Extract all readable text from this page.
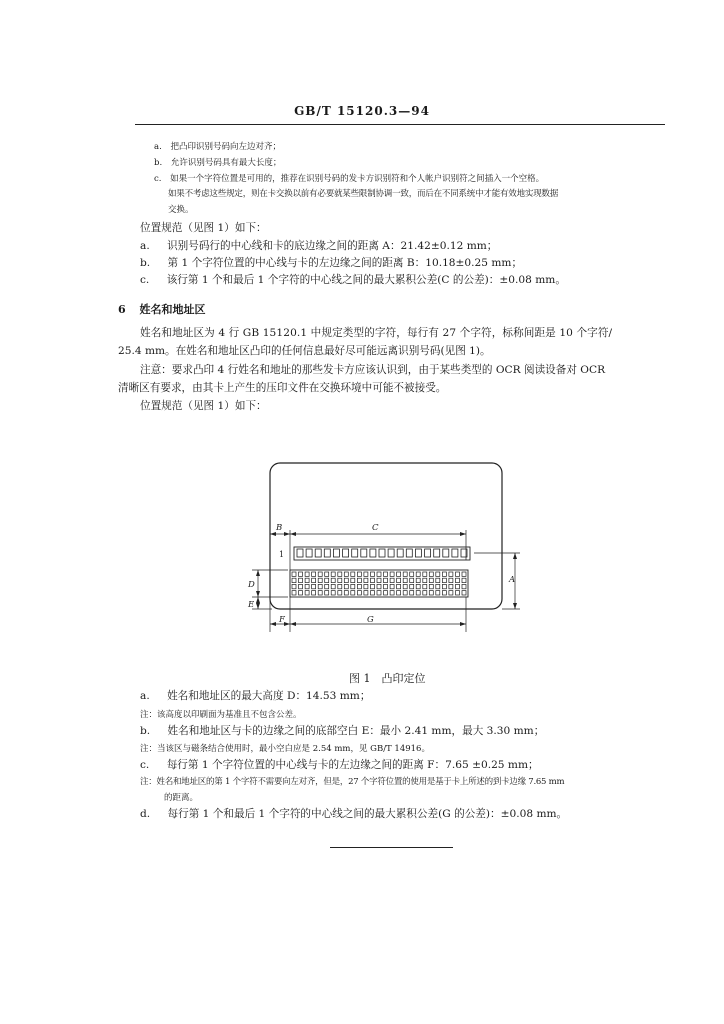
GB/T 15120.3—94
a. 把凸印识别号码向左边对齐；
b. 允许识别号码具有最大长度；
c. 如果一个字符位置是可用的，推荐在识别号码的发卡方识别符和个人帐户识别符之间插入一个空格。
如果不考虑这些规定，则在卡交换以前有必要就某些限制协调一致，而后在不同系统中才能有效地实现数据
交换。
位置规范（见图 1）如下：
a. 识别号码行的中心线和卡的底边缘之间的距离 A：21.42±0.12 mm；
b. 第 1 个字符位置的中心线与卡的左边缘之间的距离 B：10.18±0.25 mm；
c. 该行第 1 个和最后 1 个字符的中心线之间的最大累积公差(C 的公差)：±0.08 mm。
6 姓名和地址区
姓名和地址区为 4 行 GB 15120.1 中规定类型的字符，每行有 27 个字符，标称间距是 10 个字符/
25.4 mm。在姓名和地址区凸印的任何信息最好尽可能远离识别号码(见图 1)。
注意：要求凸印 4 行姓名和地址的那些发卡方应该认识到，由于某些类型的 OCR 阅读设备对 OCR
清晰区有要求，由其卡上产生的压印文件在交换环境中可能不被接受。
位置规范（见图 1）如下：
B	C
A
D
E
F	G
1
图 1　凸印定位
a. 姓名和地址区的最大高度 D：14.53 mm；
注：该高度以印刷面为基准且不包含公差。
b. 姓名和地址区与卡的边缘之间的底部空白 E：最小 2.41 mm，最大 3.30 mm；
注：当该区与磁条结合使用时，最小空白应是 2.54 mm，见 GB/T 14916。
c. 每行第 1 个字符位置的中心线与卡的左边缘之间的距离 F：7.65 ±0.25 mm；
注：姓名和地址区的第 1 个字符不需要向左对齐，但是，27 个字符位置的使用是基于卡上所述的到卡边缘 7.65 mm
的距离。
d. 每行第 1 个和最后 1 个字符的中心线之间的最大累积公差(G 的公差)：±0.08 mm。
